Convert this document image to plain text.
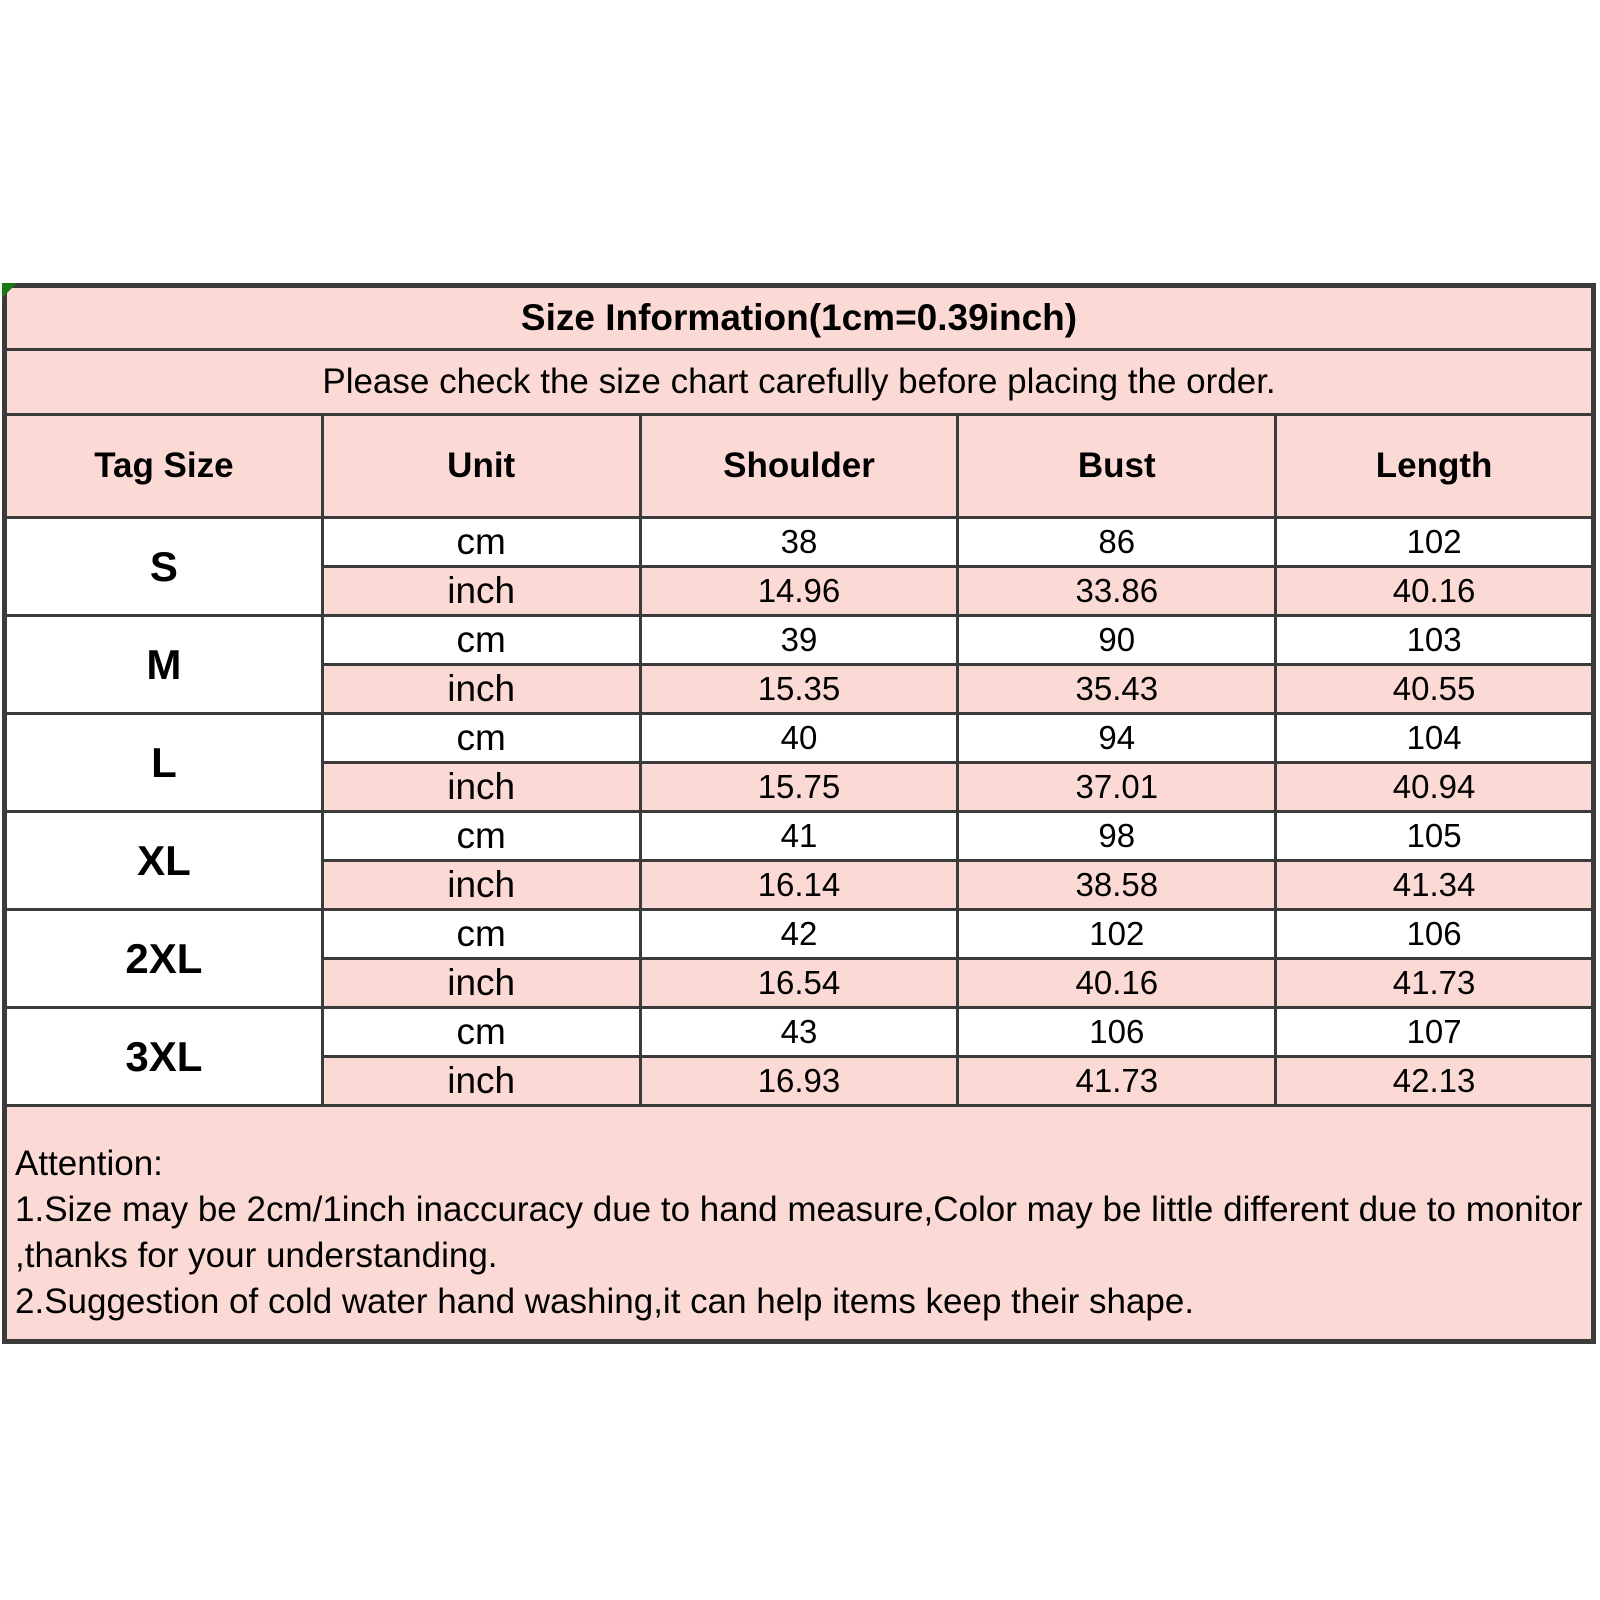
Size Information(1cm=0.39inch)				
Please check the size chart carefully before placing the order.				
Tag Size	Unit	Shoulder	Bust	Length
S	cm	38	86	102
	inch	14.96	33.86	40.16
M	cm	39	90	103
	inch	15.35	35.43	40.55
L	cm	40	94	104
	inch	15.75	37.01	40.94
XL	cm	41	98	105
	inch	16.14	38.58	41.34
2XL	cm	42	102	106
	inch	16.54	40.16	41.73
3XL	cm	43	106	107
	inch	16.93	41.73	42.13

Attention:
1.Size may be 2cm/1inch inaccuracy due to hand measure,Color may be little different due to monitor
,thanks for your understanding.
2.Suggestion of cold water hand washing,it can help items keep their shape.				
